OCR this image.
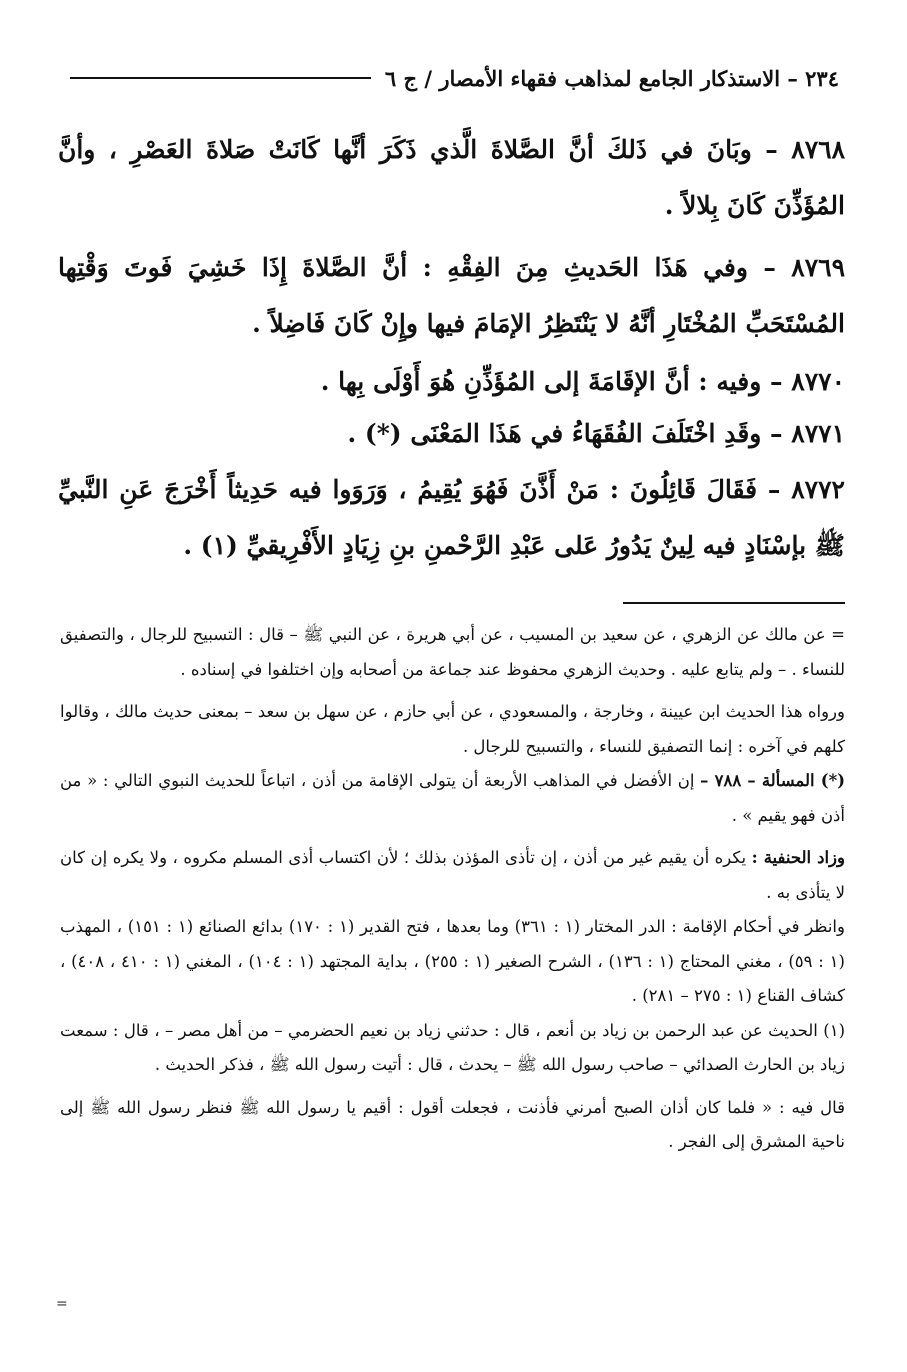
٢٣٤ – الاستذكار الجامع لمذاهب فقهاء الأمصار / ج ٦

٨٧٦٨ – وبَانَ في ذَلكَ أنَّ الصَّلاةَ الَّذي ذَكَرَ أنَّها كَانَتْ صَلاةَ العَصْرِ ، وأنَّ المُؤَذِّنَ كَانَ بِلالاً .

٨٧٦٩ – وفي هَذَا الحَديثِ مِنَ الفِقْهِ : أنَّ الصَّلاةَ إِذَا خَشِيَ فَوتَ وَقْتِها المُسْتَحَبِّ المُخْتَارِ أنَّهُ لا يَنْتَظِرُ الإمَامَ فيها وإِنْ كَانَ فَاضِلاً .

٨٧٧٠ – وفيه : أنَّ الإقَامَةَ إلى المُؤَذِّنِ هُوَ أَوْلَى بِها .

٨٧٧١ – وقَدِ اخْتَلَفَ الفُقَهَاءُ في هَذَا المَعْنَى (*) .

٨٧٧٢ – فَقَالَ قَائِلُونَ : مَنْ أَذَّنَ فَهُوَ يُقِيمُ ، وَرَوَوا فيه حَدِيثاً أَخْرَجَ عَنِ النَّبيِّ ﷺ بإسْنَادٍ فيه لِينٌ يَدُورُ عَلى عَبْدِ الرَّحْمنِ بنِ زِيَادٍ الأَفْرِيقيِّ (١) .

= عن مالك عن الزهري ، عن سعيد بن المسيب ، عن أبي هريرة ، عن النبي ﷺ – قال : التسبيح للرجال ، والتصفيق للنساء . – ولم يتابع عليه . وحديث الزهري محفوظ عند جماعة من أصحابه وإن اختلفوا في إسناده .

ورواه هذا الحديث ابن عيينة ، وخارجة ، والمسعودي ، عن أبي حازم ، عن سهل بن سعد – بمعنى حديث مالك ، وقالوا كلهم في آخره : إنما التصفيق للنساء ، والتسبيح للرجال .

(*) المسألة – ٧٨٨ – إن الأفضل في المذاهب الأربعة أن يتولى الإقامة من أذن ، اتباعاً للحديث النبوي التالي : « من أذن فهو يقيم » .

وزاد الحنفية : يكره أن يقيم غير من أذن ، إن تأذى المؤذن بذلك ؛ لأن اكتساب أذى المسلم مكروه ، ولا يكره إن كان لا يتأذى به .

وانظر في أحكام الإقامة : الدر المختار (١ : ٣٦١) وما بعدها ، فتح القدير (١ : ١٧٠) بدائع الصنائع (١ : ١٥١) ، المهذب (١ : ٥٩) ، مغني المحتاج (١ : ١٣٦) ، الشرح الصغير (١ : ٢٥٥) ، بداية المجتهد (١ : ١٠٤) ، المغني (١ : ٤١٠ ، ٤٠٨) ، كشاف القناع (١ : ٢٧٥ – ٢٨١) .

(١) الحديث عن عبد الرحمن بن زياد بن أنعم ، قال : حدثني زياد بن نعيم الحضرمي – من أهل مصر – ، قال : سمعت زياد بن الحارث الصدائي – صاحب رسول الله ﷺ – يحدث ، قال : أتيت رسول الله ﷺ ، فذكر الحديث .

قال فيه : « فلما كان أذان الصبح أمرني فأذنت ، فجعلت أقول : أقيم يا رسول الله ﷺ فنظر رسول الله ﷺ إلى ناحية المشرق إلى الفجر .

=
